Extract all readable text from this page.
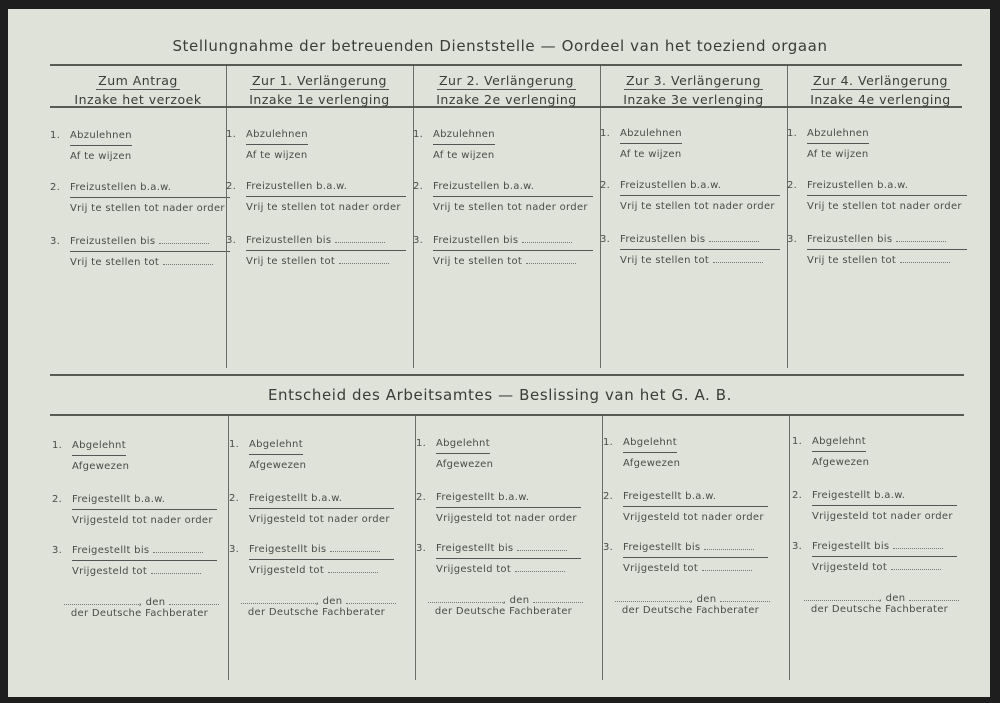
Stellungnahme der betreuenden Dienststelle — Oordeel van het toeziend orgaan
Entscheid des Arbeitsamtes — Beslissing van het G. A. B.
Zum Antrag
Inzake het verzoek
1. Abzulehnen
Af te wijzen
2. Freizustellen b.a.w.
Vrij te stellen tot nader order
3. Freizustellen bis
Vrij te stellen tot
1. Abgelehnt
Afgewezen
2. Freigestellt b.a.w.
Vrijgesteld tot nader order
3. Freigestellt bis
Vrijgesteld tot
, den
der Deutsche Fachberater
Zur 1. Verlängerung
Inzake 1e verlenging
1. Abzulehnen
Af te wijzen
2. Freizustellen b.a.w.
Vrij te stellen tot nader order
3. Freizustellen bis
Vrij te stellen tot
1. Abgelehnt
Afgewezen
2. Freigestellt b.a.w.
Vrijgesteld tot nader order
3. Freigestellt bis
Vrijgesteld tot
, den
der Deutsche Fachberater
Zur 2. Verlängerung
Inzake 2e verlenging
1. Abzulehnen
Af te wijzen
2. Freizustellen b.a.w.
Vrij te stellen tot nader order
3. Freizustellen bis
Vrij te stellen tot
1. Abgelehnt
Afgewezen
2. Freigestellt b.a.w.
Vrijgesteld tot nader order
3. Freigestellt bis
Vrijgesteld tot
, den
der Deutsche Fachberater
Zur 3. Verlängerung
Inzake 3e verlenging
1. Abzulehnen
Af te wijzen
2. Freizustellen b.a.w.
Vrij te stellen tot nader order
3. Freizustellen bis
Vrij te stellen tot
1. Abgelehnt
Afgewezen
2. Freigestellt b.a.w.
Vrijgesteld tot nader order
3. Freigestellt bis
Vrijgesteld tot
, den
der Deutsche Fachberater
Zur 4. Verlängerung
Inzake 4e verlenging
1. Abzulehnen
Af te wijzen
2. Freizustellen b.a.w.
Vrij te stellen tot nader order
3. Freizustellen bis
Vrij te stellen tot
1. Abgelehnt
Afgewezen
2. Freigestellt b.a.w.
Vrijgesteld tot nader order
3. Freigestellt bis
Vrijgesteld tot
, den
der Deutsche Fachberater
